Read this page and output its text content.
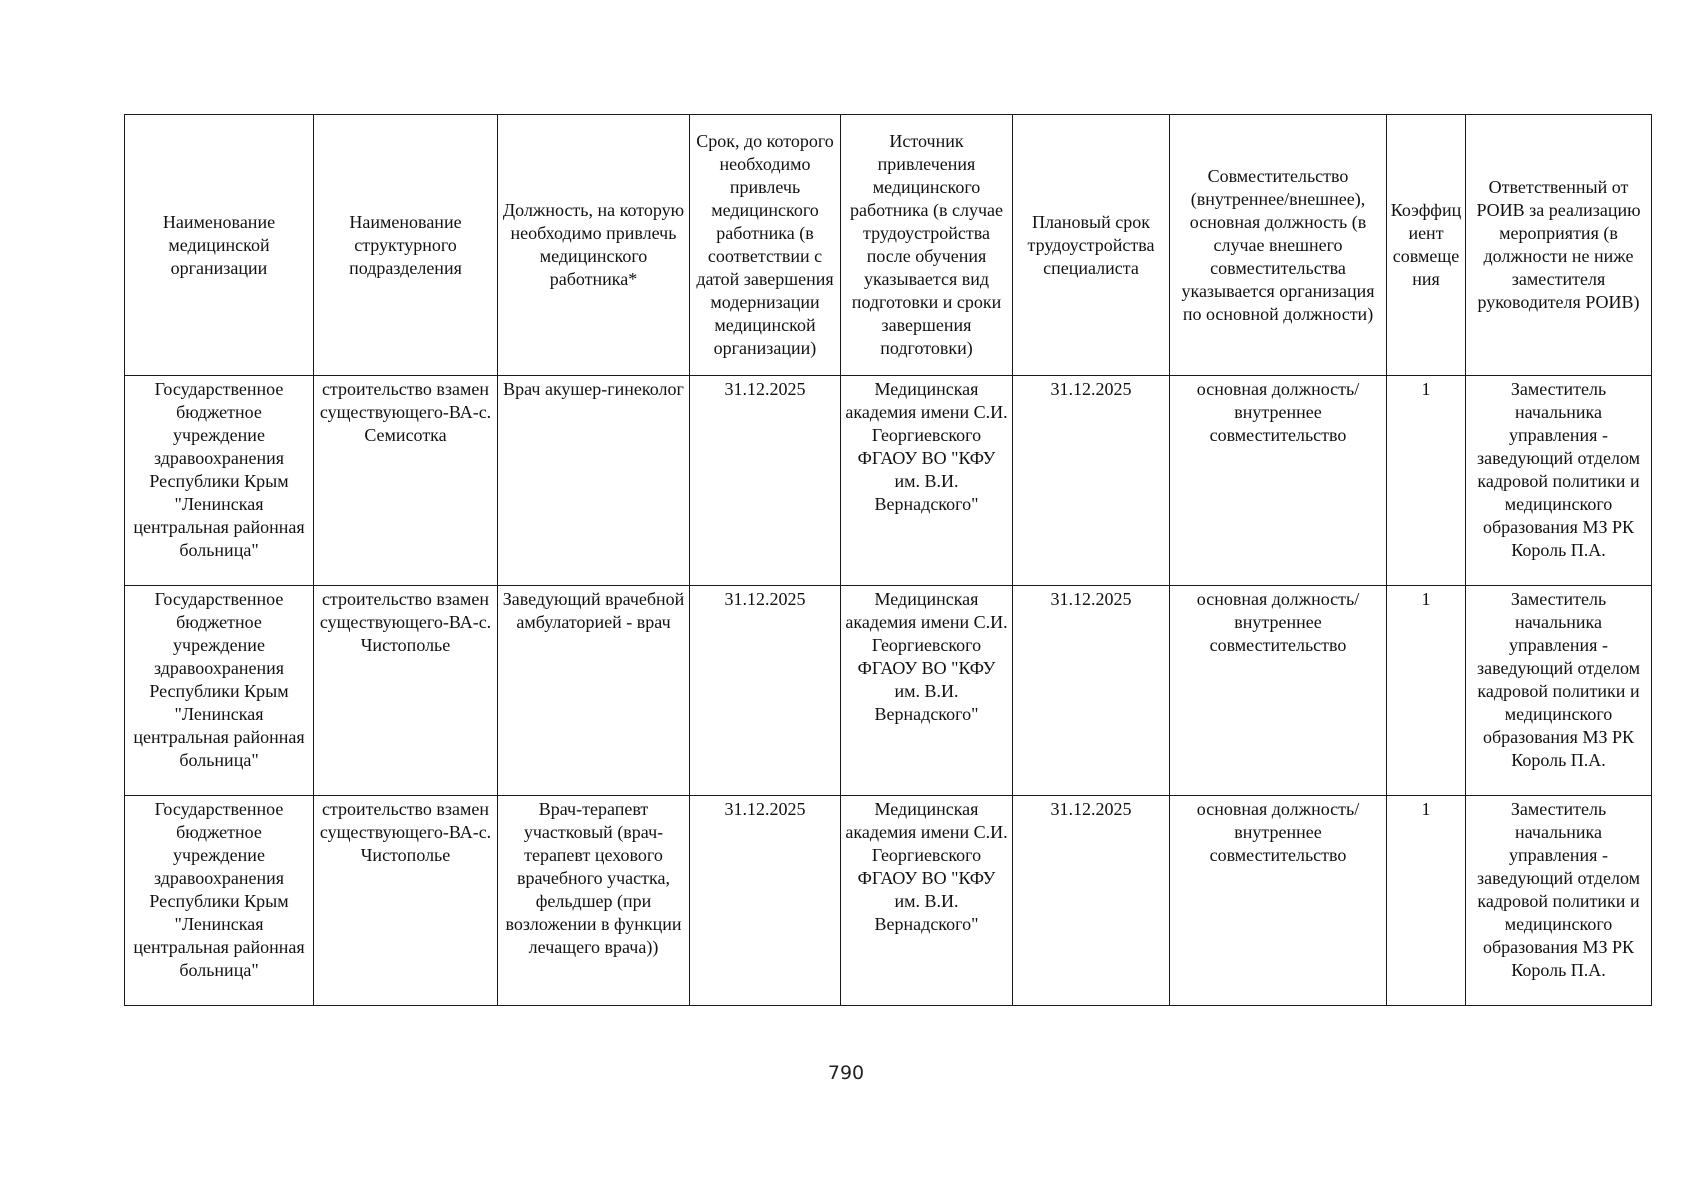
Наименование медицинской организации	Наименование структурного подразделения	Должность, на которую необходимо привлечь медицинского работника*	Срок, до которого необходимо привлечь медицинского работника (в соответствии с датой завершения модернизации медицинской организации)	Источник привлечения медицинского работника (в случае трудоустройства после обучения указывается вид подготовки и сроки завершения подготовки)	Плановый срок трудоустройства специалиста	Совместительство (внутреннее/внешнее), основная должность (в случае внешнего совместительства указывается организация по основной должности)	Коэффициент совмещения	Ответственный от РОИВ за реализацию мероприятия (в должности не ниже заместителя руководителя РОИВ)
Государственное бюджетное учреждение здравоохранения Республики Крым "Ленинская центральная районная больница"	строительство взамен существующего-ВА-с. Семисотка	Врач акушер-гинеколог	31.12.2025	Медицинская академия имени С.И. Георгиевского ФГАОУ ВО "КФУ им. В.И. Вернадского"	31.12.2025	основная должность/ внутреннее совместительство	1	Заместитель начальника управления - заведующий отделом кадровой политики и медицинского образования МЗ РК Король П.А.
Государственное бюджетное учреждение здравоохранения Республики Крым "Ленинская центральная районная больница"	строительство взамен существующего-ВА-с. Чистополье	Заведующий врачебной амбулаторией - врач	31.12.2025	Медицинская академия имени С.И. Георгиевского ФГАОУ ВО "КФУ им. В.И. Вернадского"	31.12.2025	основная должность/ внутреннее совместительство	1	Заместитель начальника управления - заведующий отделом кадровой политики и медицинского образования МЗ РК Король П.А.
Государственное бюджетное учреждение здравоохранения Республики Крым "Ленинская центральная районная больница"	строительство взамен существующего-ВА-с. Чистополье	Врач-терапевт участковый (врач-терапевт цехового врачебного участка, фельдшер (при возложении в функции лечащего врача))	31.12.2025	Медицинская академия имени С.И. Георгиевского ФГАОУ ВО "КФУ им. В.И. Вернадского"	31.12.2025	основная должность/ внутреннее совместительство	1	Заместитель начальника управления - заведующий отделом кадровой политики и медицинского образования МЗ РК Король П.А.
790
